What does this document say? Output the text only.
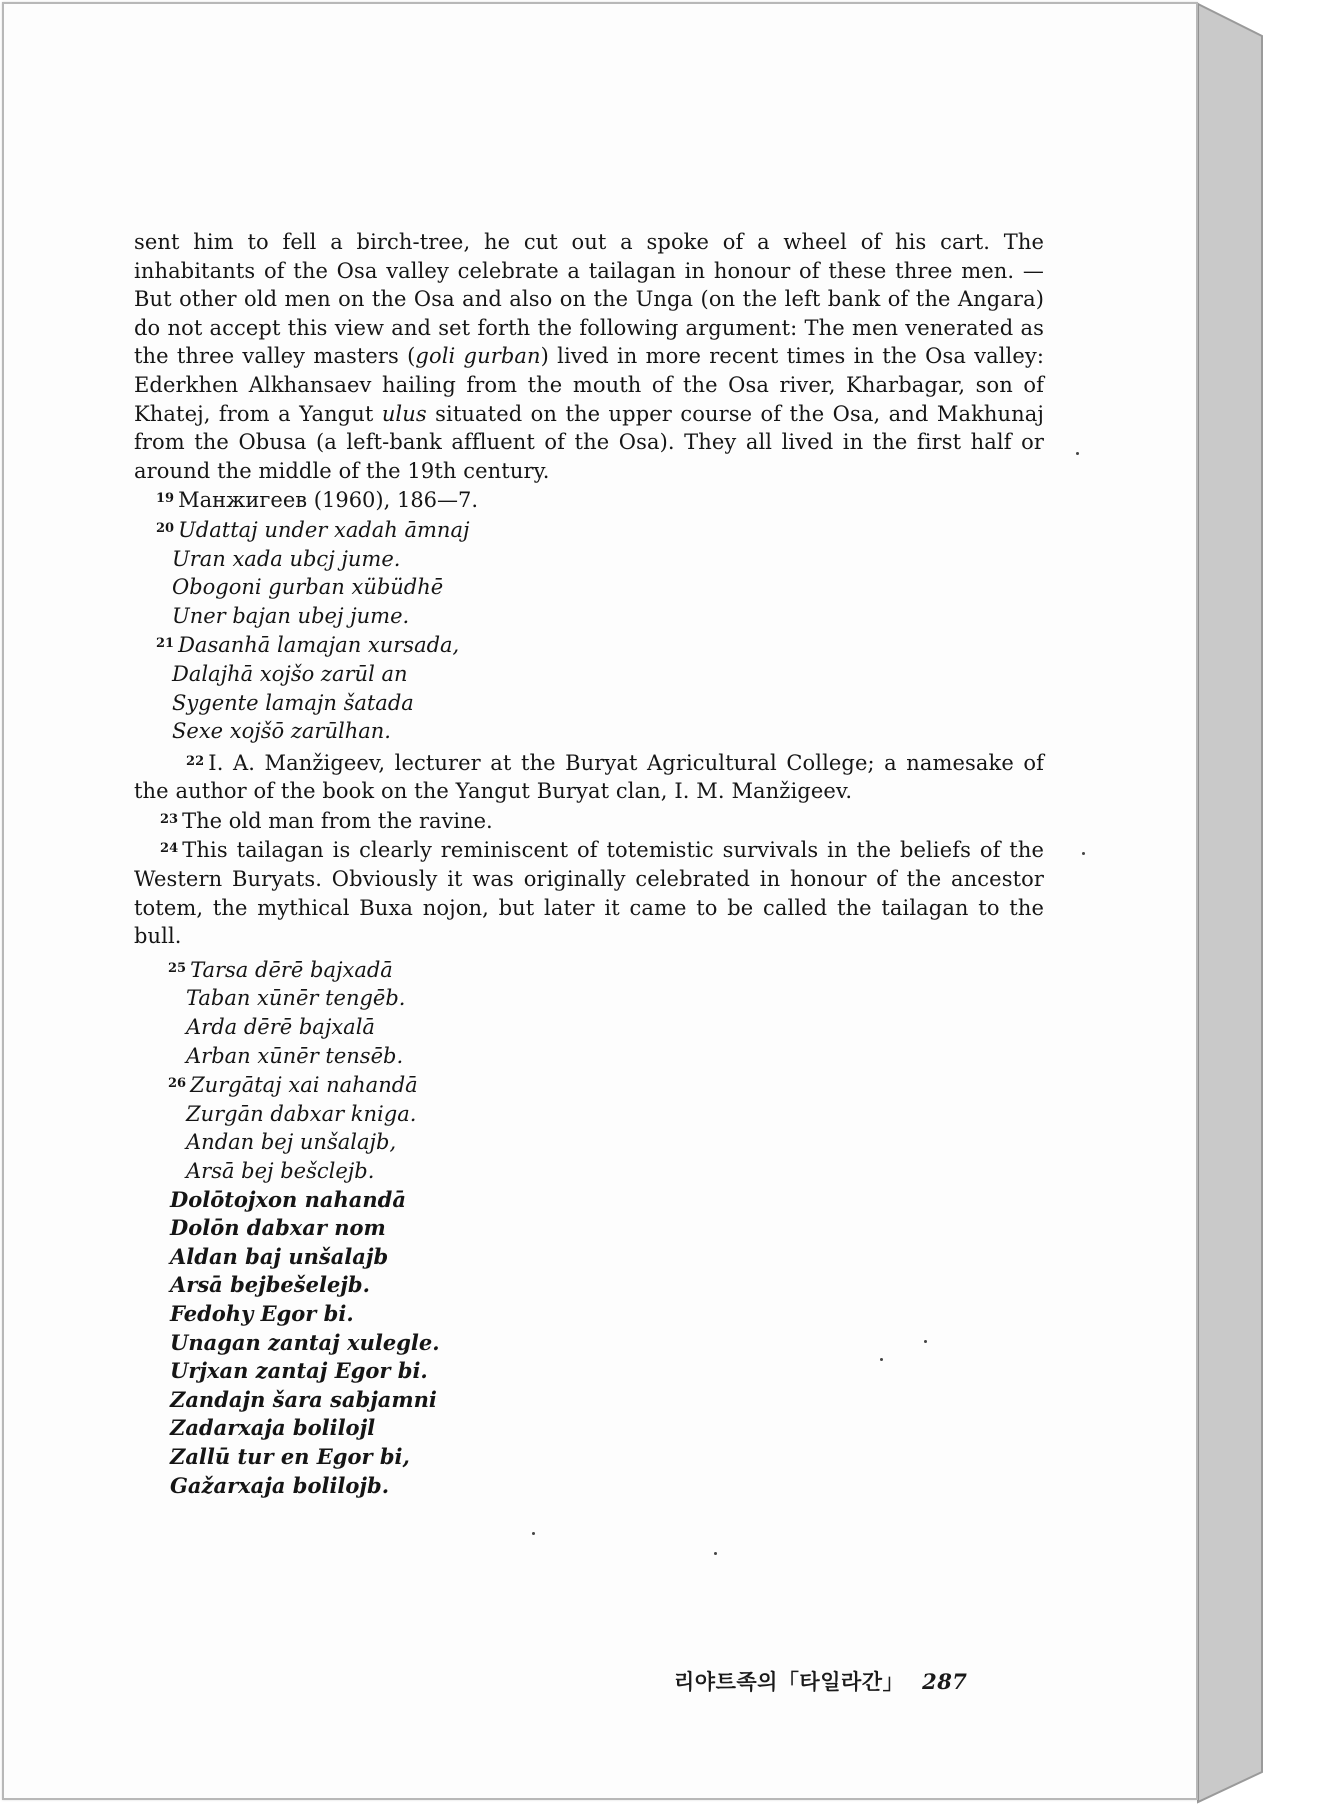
sent him to fell a birch-tree, he cut out a spoke of a wheel of his cart. The inhabitants of the Osa valley celebrate a tailagan in honour of these three men. — But other old men on the Osa and also on the Unga (on the left bank of the Angara) do not accept this view and set forth the following argument: The men venerated as the three valley masters (goli gurban) lived in more recent times in the Osa valley: Ederkhen Alkhansaev hailing from the mouth of the Osa river, Kharbagar, son of Khatej, from a Yangut ulus situated on the upper course of the Osa, and Makhunaj from the Obusa (a left-bank affluent of the Osa). They all lived in the first half or around the middle of the 19th century.

$^{19}$ Манжигеев (1960), 186—7.

$^{20}$ Udattaj under xadah āmnaj

Uran xada ubcj jume.

Obogoni gurban xübüdhē

Uner bajan ubej jume.

$^{21}$ Dasanhā lamajan xursada,

Dalajhā xojšo zarūl an

Sygente lamajn šatada

Sexe xojšō zarūlhan.

$^{22}$ I. A. Manžigeev, lecturer at the Buryat Agricultural College; a namesake of the author of the book on the Yangut Buryat clan, I. M. Manžigeev.

$^{23}$ The old man from the ravine.

$^{24}$ This tailagan is clearly reminiscent of totemistic survivals in the beliefs of the Western Buryats. Obviously it was originally celebrated in honour of the ancestor totem, the mythical Buxa nojon, but later it came to be called the tailagan to the bull.

$^{25}$ Tarsa dērē bajxadā

Taban xūnēr tengēb.

Arda dērē bajxalā

Arban xūnēr tensēb.

$^{26}$ Zurgātaj xai nahandā

Zurgān dabxar kniga.

Andan bej unšalajb,

Arsā bej bešclejb.

Dolōtojxon nahandā

Dolōn dabxar nom

Aldan baj unšalajb

Arsā bejbešelejb.

Fedohy Egor bi.

Unagan zantaj xulegle.

Urjxan zantaj Egor bi.

Zandajn šara sabjamni

Zadarxaja bolilojl

Zallū tur en Egor bi,

Gažarxaja bolilojb.

리야트족의「타일라간」 287
